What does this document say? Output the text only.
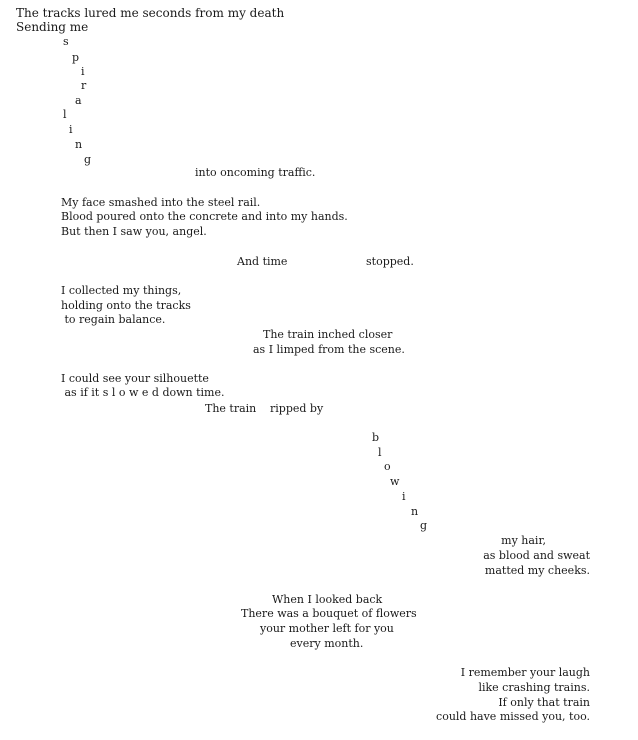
The tracks lured me seconds from my death
Sending me
s
p
i
r
a
l
i
n
g
into oncoming traffic.
My face smashed into the steel rail.
Blood poured onto the concrete and into my hands.
But then I saw you, angel.
And time	stopped.
I collected my things,
holding onto the tracks
to regain balance.
The train inched closer
as I limped from the scene.
I could see your silhouette
as if it s l o w e d down time.
The train ripped by
b
l
o
w
i
n
g
my hair,
as blood and sweat
matted my cheeks.
When I looked back
There was a bouquet of flowers
your mother left for you
every month.
I remember your laugh
like crashing trains.
If only that train
could have missed you, too.
